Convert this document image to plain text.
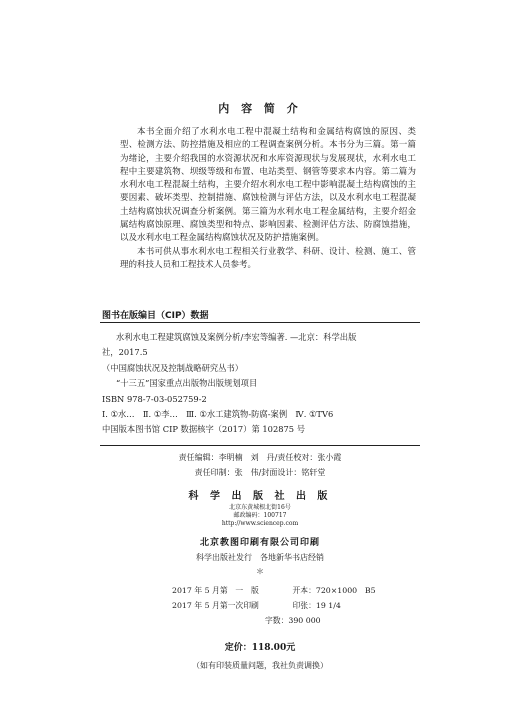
内 容 简 介

本书全面介绍了水利水电工程中混凝土结构和金属结构腐蚀的原因、类型、检测方法、防控措施及相应的工程调查案例分析。本书分为三篇。第一篇为绪论，主要介绍我国的水资源状况和水库资源现状与发展现状，水利水电工程中主要建筑物、坝级等级和布置、电站类型、钢管等要求本内容。第二篇为水利水电工程混凝土结构，主要介绍水利水电工程中影响混凝土结构腐蚀的主要因素、破坏类型、控制措施、腐蚀检测与评估方法，以及水利水电工程混凝土结构腐蚀状况调查分析案例。第三篇为水利水电工程金属结构，主要介绍金属结构腐蚀原理、腐蚀类型和特点、影响因素、检测评估方法、防腐蚀措施，以及水利水电工程金属结构腐蚀状况及防护措施案例。

本书可供从事水利水电工程相关行业教学、科研、设计、检测、施工、管理的科技人员和工程技术人员参考。

图书在版编目（CIP）数据
水利水电工程建筑腐蚀及案例分析/李宏等编著. —北京：科学出版
社，2017.5
（中国腐蚀状况及控制战略研究丛书）
“十三五”国家重点出版物出版规划项目
ISBN 978-7-03-052759-2
Ⅰ. ①水…　Ⅱ. ①李…　Ⅲ. ①水工建筑物-防腐-案例　Ⅳ. ①TV6
中国版本图书馆 CIP 数据核字（2017）第 102875 号
责任编辑：李明楠　刘　丹/责任校对：张小霞
责任印制：张　伟/封面设计：铭轩堂
科 学 出 版 社 出 版
北京东黄城根北街16号
邮政编码：100717
http://www.sciencep.com
北京教图印刷有限公司印刷
科学出版社发行　各地新华书店经销
＊
2017 年 5 月第　一　版	开本：720×1000　B5
2017 年 5 月第一次印刷	印张：19 1/4
字数：390 000
定价：118.00元
（如有印装质量问题，我社负责调换）
